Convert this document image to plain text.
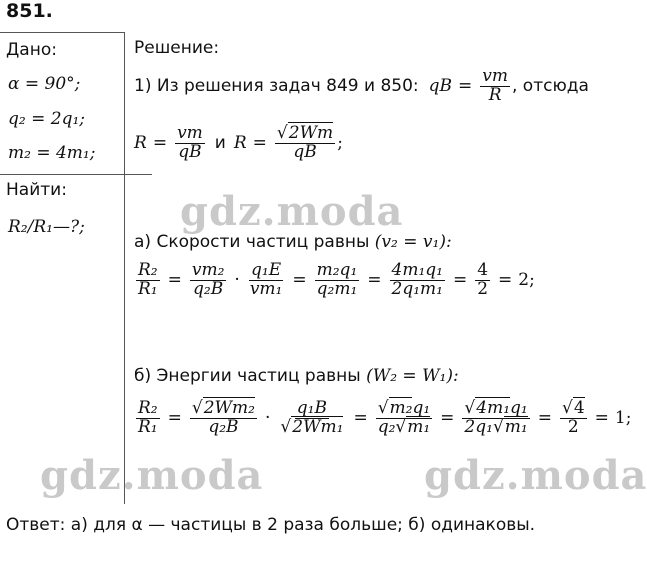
851.
Дано:
α = 90°;
q₂ = 2q₁;
m₂ = 4m₁;
Найти:
R₂/R₁—?;
Решение:
1) Из решения задач 849 и 850: qB = $\frac{vm}{R}$ , отсюда
$R = \frac{vm}{qB}$ и $R = \frac{√2Wm}{qB}$ ;
а) Скорости частиц равны (v₂ = v₁):
$\frac{\text{R₂}}{\text{R₁}} = \frac{\text{vm₂}}{\text{q₂B}} \cdot \frac{\text{q₁E}}{\text{vm₁}} = \frac{\text{m₂q₁}}{\text{q₂m₁}} = \frac{\text{4m₁q₁}}{\text{2q₁m₁}} = \frac{4}{2} = 2$;
б) Энергии частиц равны (W₂ = W₁):
$\frac{\text{R₂}}{\text{R₁}} = \frac{\text{√2Wm₂}}{\text{q₂B}} \cdot \frac{\text{q₁B}}{\text{√2Wm₁}} = \frac{\text{√m₂q₁}}{\text{q₂√m₁}} = \frac{\text{√4m₁q₁}}{\text{2q₁√m₁}} = \frac{√4}{2} = 1$;
gdz.moda
gdz.moda	gdz.moda
Ответ: а) для α — частицы в 2 раза больше; б) одинаковы.
